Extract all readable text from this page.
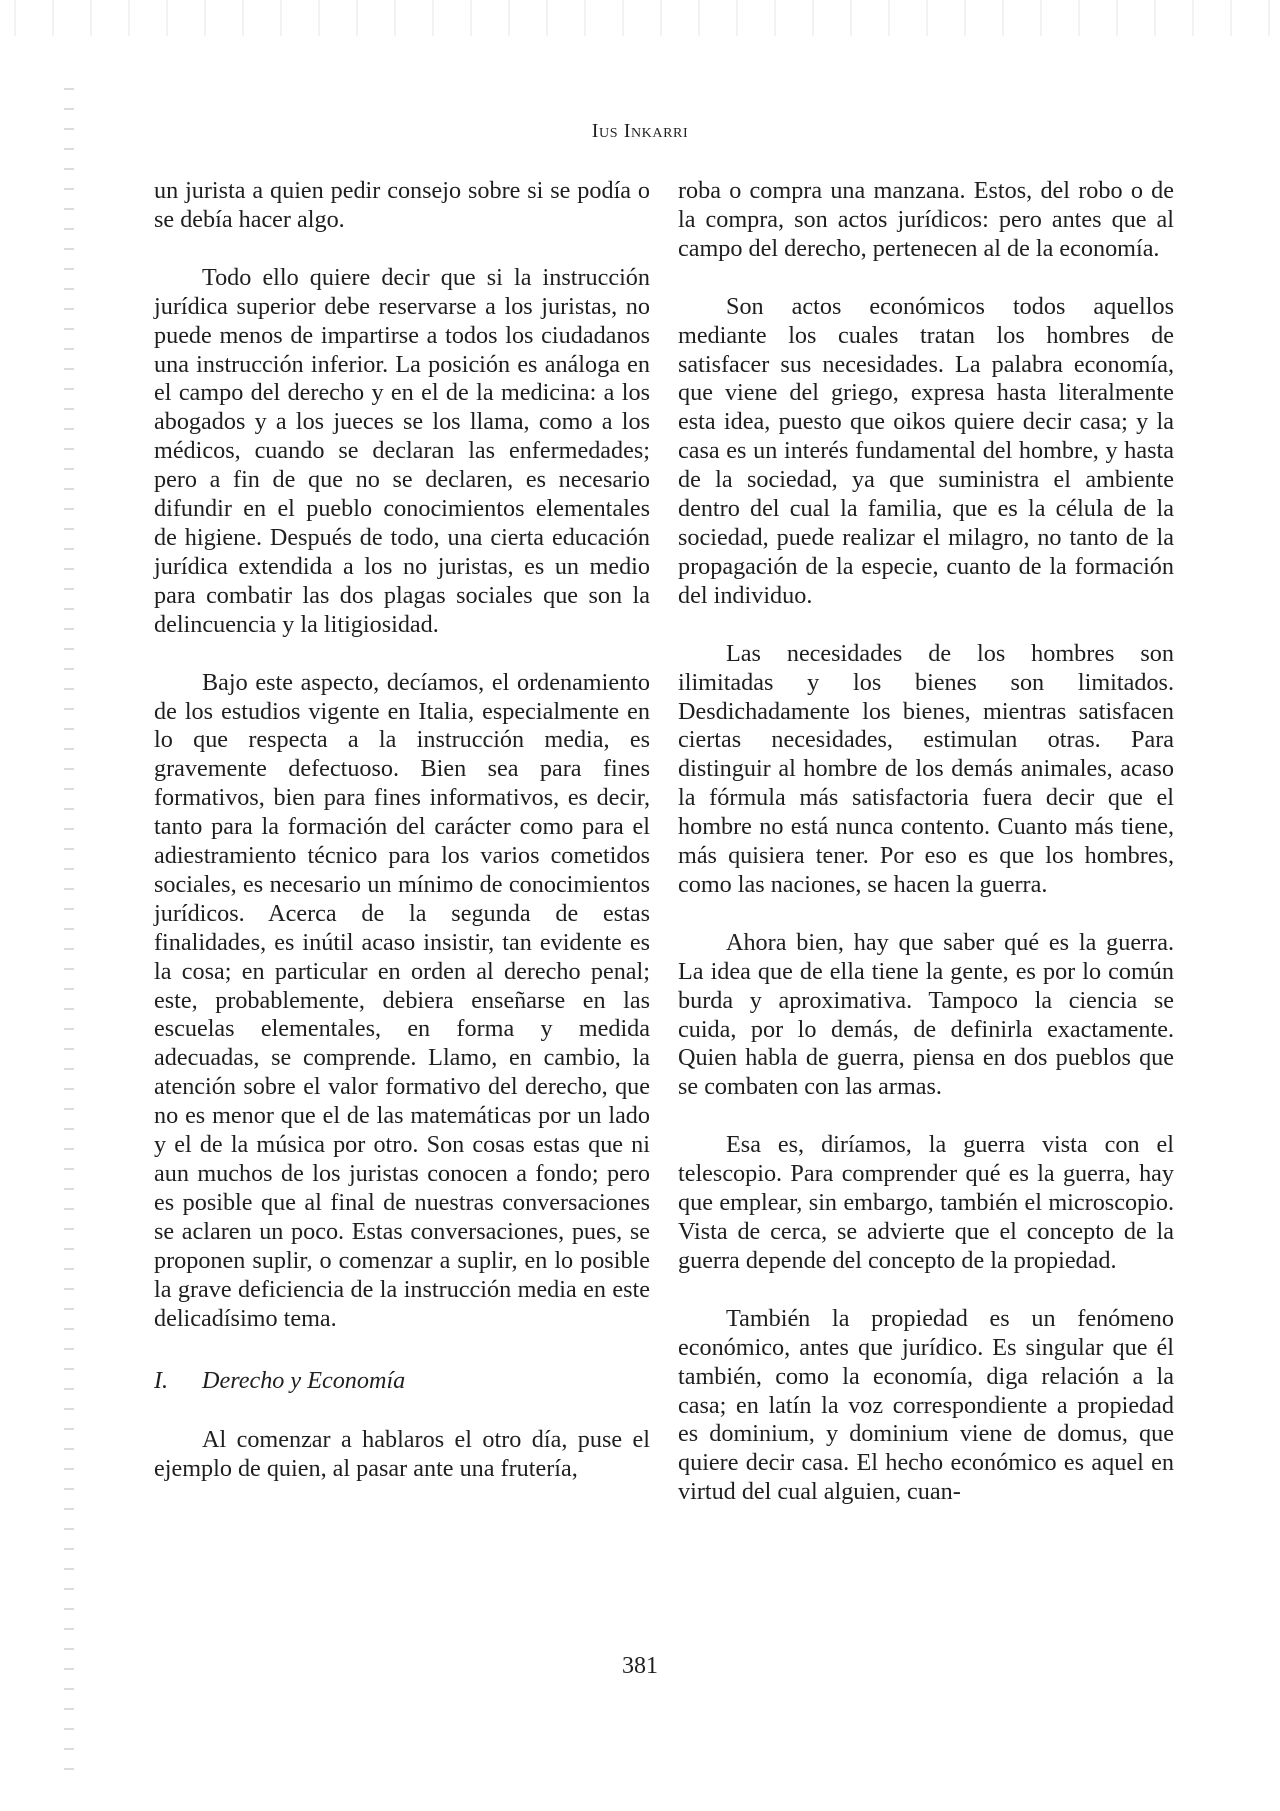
Ius Inkarri

un jurista a quien pedir consejo sobre si se podía o se debía hacer algo.

Todo ello quiere decir que si la instrucción jurídica superior debe reservarse a los juristas, no puede menos de impartirse a todos los ciudadanos una instrucción inferior. La posición es análoga en el campo del derecho y en el de la medicina: a los abogados y a los jueces se los llama, como a los médicos, cuando se declaran las enfermedades; pero a fin de que no se declaren, es necesario difundir en el pueblo conocimientos elementales de higiene. Después de todo, una cierta educación jurídica extendida a los no juristas, es un medio para combatir las dos plagas sociales que son la delincuencia y la litigiosidad.

Bajo este aspecto, decíamos, el ordenamiento de los estudios vigente en Italia, especialmente en lo que respecta a la instrucción media, es gravemente defectuoso. Bien sea para fines formativos, bien para fines informativos, es decir, tanto para la formación del carácter como para el adiestramiento técnico para los varios cometidos sociales, es necesario un mínimo de conocimientos jurídicos. Acerca de la segunda de estas finalidades, es inútil acaso insistir, tan evidente es la cosa; en particular en orden al derecho penal; este, probablemente, debiera enseñarse en las escuelas elementales, en forma y medida adecuadas, se comprende. Llamo, en cambio, la atención sobre el valor formativo del derecho, que no es menor que el de las matemáticas por un lado y el de la música por otro. Son cosas estas que ni aun muchos de los juristas conocen a fondo; pero es posible que al final de nuestras conversaciones se aclaren un poco. Estas conversaciones, pues, se proponen suplir, o comenzar a suplir, en lo posible la grave deficiencia de la instrucción media en este delicadísimo tema.

I. Derecho y Economía

Al comenzar a hablaros el otro día, puse el ejemplo de quien, al pasar ante una frutería,

roba o compra una manzana. Estos, del robo o de la compra, son actos jurídicos: pero antes que al campo del derecho, pertenecen al de la economía.

Son actos económicos todos aquellos mediante los cuales tratan los hombres de satisfacer sus necesidades. La palabra economía, que viene del griego, expresa hasta literalmente esta idea, puesto que oikos quiere decir casa; y la casa es un interés fundamental del hombre, y hasta de la sociedad, ya que suministra el ambiente dentro del cual la familia, que es la célula de la sociedad, puede realizar el milagro, no tanto de la propagación de la especie, cuanto de la formación del individuo.

Las necesidades de los hombres son ilimitadas y los bienes son limitados. Desdichadamente los bienes, mientras satisfacen ciertas necesidades, estimulan otras. Para distinguir al hombre de los demás animales, acaso la fórmula más satisfactoria fuera decir que el hombre no está nunca contento. Cuanto más tiene, más quisiera tener. Por eso es que los hombres, como las naciones, se hacen la guerra.

Ahora bien, hay que saber qué es la guerra. La idea que de ella tiene la gente, es por lo común burda y aproximativa. Tampoco la ciencia se cuida, por lo demás, de definirla exactamente. Quien habla de guerra, piensa en dos pueblos que se combaten con las armas.

Esa es, diríamos, la guerra vista con el telescopio. Para comprender qué es la guerra, hay que emplear, sin embargo, también el microscopio. Vista de cerca, se advierte que el concepto de la guerra depende del concepto de la propiedad.

También la propiedad es un fenómeno económico, antes que jurídico. Es singular que él también, como la economía, diga relación a la casa; en latín la voz correspondiente a propiedad es dominium, y dominium viene de domus, que quiere decir casa. El hecho económico es aquel en virtud del cual alguien, cuan-

381
